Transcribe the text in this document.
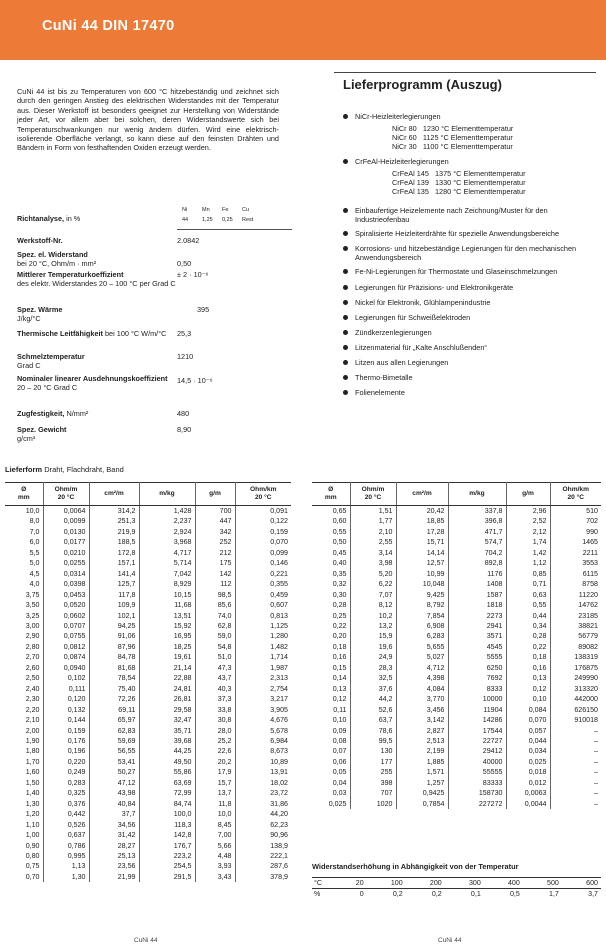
CuNi 44 DIN 17470
CuNi 44 ist bis zu Temperaturen von 600 °C hitzebeständig und zeichnet sich durch den geringen Anstieg des elektrischen Widerstandes mit der Temperatur aus. Dieser Werkstoff ist besonders geeignet zur Herstellung von Widerstände jeder Art, vor allem aber bei solchen, deren Widerstandswerte sich bei Temperaturschwankungen nur wenig ändern dürfen. Wird eine elektrisch-isolierende Oberfläche verlangt, so kann diese auf den feinsten Drähten und Bändern in Form von festhaftenden Oxiden erzeugt werden.
Richtanalyse, in %
Ni	Mn Fe Cu
44	1,25 0,25 Rest
Werkstoff-Nr.	2.0842
Spez. el. Widerstand
bei 20 °C, Ohm/m · mm²	0,50
Mittlerer Temperaturkoeffizient
des elektr. Widerstandes 20 – 100 °C per Grad C
± 2 · 10⁻⁶
Spez. Wärme
J/kg/°C
395
Thermische Leitfähigkeit bei 100 °C W/m/°C	25,3
Schmelztemperatur
Grad C
1210
Nominaler linearer Ausdehnungskoeffizient 20 – 20 °C Grad C
14,5 · 10⁻⁶
Zugfestigkeit, N/mm²	480
Spez. Gewicht
g/cm³
8,90
Lieferprogramm (Auszug)
NiCr-Heizleiterlegierungen
NiCr 80   1230 °C Elementtemperatur
NiCr 60   1125 °C Elementtemperatur
NiCr 30   1100 °C Elementtemperatur
CrFeAl-Heizleiterlegierungen
CrFeAl 145   1375 °C Elementtemperatur
CrFeAl 139   1330 °C Elementtemperatur
CrFeAl 135   1280 °C Elementtemperatur
Einbaufertige Heizelemente nach Zeichnung/Muster für den Industrieofenbau
Spiralisierte Heizleiterdrähte für spezielle Anwendungsbereiche
Korrosions- und hitzebeständige Legierungen für den mechanischen Anwendungsbereich
Fe-Ni-Legierungen für Thermostate und Glaseinschmelzungen
Legierungen für Präzisions- und Elektronikgeräte
Nickel für Elektronik, Glühlampenindustrie
Legierungen für Schweißelektroden
Zündkerzenlegierungen
Litzenmaterial für „Kalte Anschlußenden“
Litzen aus allen Legierungen
Thermo-Bimetalle
Folienelemente
Lieferform Draht, Flachdraht, Band
Ø
mm	Ohm/m
20 °C	cm²/m	m/kg	g/m	Ohm/km
20 °C
10,0	0,0064	314,2	1,428	700	0,091
8,0	0,0099	251,3	2,237	447	0,122
7,0	0,0130	219,9	2,924	342	0,159
6,0	0,0177	188,5	3,968	252	0,070
5,5	0,0210	172,8	4,717	212	0,099
5,0	0,0255	157,1	5,714	175	0,146
4,5	0,0314	141,4	7,042	142	0,221
4,0	0,0398	125,7	8,929	112	0,355
3,75	0,0453	117,8	10,15	98,5	0,459
3,50	0,0520	109,9	11,68	85,6	0,607
3,25	0,0602	102,1	13,51	74,0	0,813
3,00	0,0707	94,25	15,92	62,8	1,125
2,90	0,0755	91,06	16,95	59,0	1,280
2,80	0,0812	87,96	18,25	54,8	1,482
2,70	0,0874	84,78	19,61	51,0	1,714
2,60	0,0940	81,68	21,14	47,3	1,987
2,50	0,102	78,54	22,88	43,7	2,313
2,40	0,111	75,40	24,81	40,3	2,754
2,30	0,120	72,26	26,81	37,3	3,217
2,20	0,132	69,11	29,58	33,8	3,905
2,10	0,144	65,97	32,47	30,8	4,676
2,00	0,159	62,83	35,71	28,0	5,678
1,90	0,176	59,69	39,68	25,2	6,984
1,80	0,196	56,55	44,25	22,6	8,673
1,70	0,220	53,41	49,50	20,2	10,89
1,60	0,249	50,27	55,86	17,9	13,91
1,50	0,283	47,12	63,69	15,7	18,02
1,40	0,325	43,98	72,99	13,7	23,72
1,30	0,376	40,84	84,74	11,8	31,86
1,20	0,442	37,7	100,0	10,0	44,20
1,10	0,526	34,56	118,3	8,45	62,23
1,00	0,637	31,42	142,8	7,00	90,96
0,90	0,786	28,27	176,7	5,66	138,9
0,80	0,995	25,13	223,2	4,48	222,1
0,75	1,13	23,56	254,5	3,93	287,6
0,70	1,30	21,99	291,5	3,43	378,9
Ø
mm	Ohm/m
20 °C	cm²/m	m/kg	g/m	Ohm/km
20 °C
0,65	1,51	20,42	337,8	2,96	510
0,60	1,77	18,85	396,8	2,52	702
0,55	2,10	17,28	471,7	2,12	990
0,50	2,55	15,71	574,7	1,74	1465
0,45	3,14	14,14	704,2	1,42	2211
0,40	3,98	12,57	892,8	1,12	3553
0,35	5,20	10,99	1176	0,85	6115
0,32	6,22	10,048	1408	0,71	8758
0,30	7,07	9,425	1587	0,63	11220
0,28	8,12	8,792	1818	0,55	14762
0,25	10,2	7,854	2273	0,44	23185
0,22	13,2	6,908	2941	0,34	38821
0,20	15,9	6,283	3571	0,28	56779
0,18	19,6	5,655	4545	0,22	89082
0,16	24,9	5,027	5555	0,18	138319
0,15	28,3	4,712	6250	0,16	176875
0,14	32,5	4,398	7692	0,13	249990
0,13	37,6	4,084	8333	0,12	313320
0,12	44,2	3,770	10000	0,10	442000
0,11	52,6	3,456	11904	0,084	626150
0,10	63,7	3,142	14286	0,070	910018
0,09	78,6	2,827	17544	0,057	–
0,08	99,5	2,513	22727	0,044	–
0,07	130	2,199	29412	0,034	–
0,06	177	1,885	40000	0,025	–
0,05	255	1,571	55555	0,018	–
0,04	398	1,257	83333	0,012	–
0,03	707	0,9425	158730	0,0063	–
0,025	1020	0,7854	227272	0,0044	–
Widerstandserhöhung in Abhängigkeit von der Temperatur
°C	20	100	200	300	400	500	600
%	0	0,2	0,2	0,1	0,5	1,7	3,7
CuNi 44	CuNi 44
